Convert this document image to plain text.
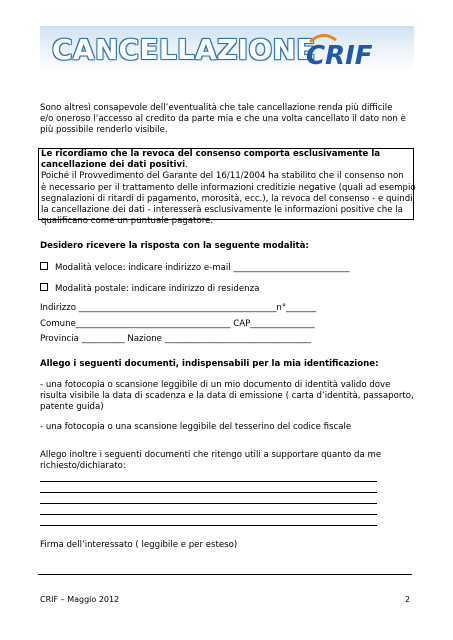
CANCELLAZIONE
CRIF
Sono altresì consapevole dell’eventualità che tale cancellazione renda più difficile
e/o oneroso l’accesso al credito da parte mia e che una volta cancellato il dato non è
più possibile renderlo visibile.
Le ricordiamo che la revoca del consenso comporta esclusivamente la
cancellazione dei dati positivi.
Poiché il Provvedimento del Garante del 16/11/2004 ha stabilito che il consenso non
è necessario per il trattamento delle informazioni creditizie negative (quali ad esempio
segnalazioni di ritardi di pagamento, morosità, ecc.), la revoca del consenso - e quindi
la cancellazione dei dati - interesserà esclusivamente le informazioni positive che la
qualificano come un puntuale pagatore.
Desidero ricevere la risposta con la seguente modalità:
Modalità veloce: indicare indirizzo e-mail ___________________________
Modalità postale: indicare indirizzo di residenza
Indirizzo ______________________________________________n°_______
Comune____________________________________ CAP_______________
Provincia __________ Nazione __________________________________
Allego i seguenti documenti, indispensabili per la mia identificazione:
- una fotocopia o scansione leggibile di un mio documento di identità valido dove
risulta visibile la data di scadenza e la data di emissione ( carta d’identità, passaporto,
patente guida)
- una fotocopia o una scansione leggibile del tesserino del codice fiscale
Allego inoltre i seguenti documenti che ritengo utili a supportare quanto da me
richiesto/dichiarato:
Firma dell’interessato ( leggibile e per esteso)
CRIF – Maggio 2012	2
